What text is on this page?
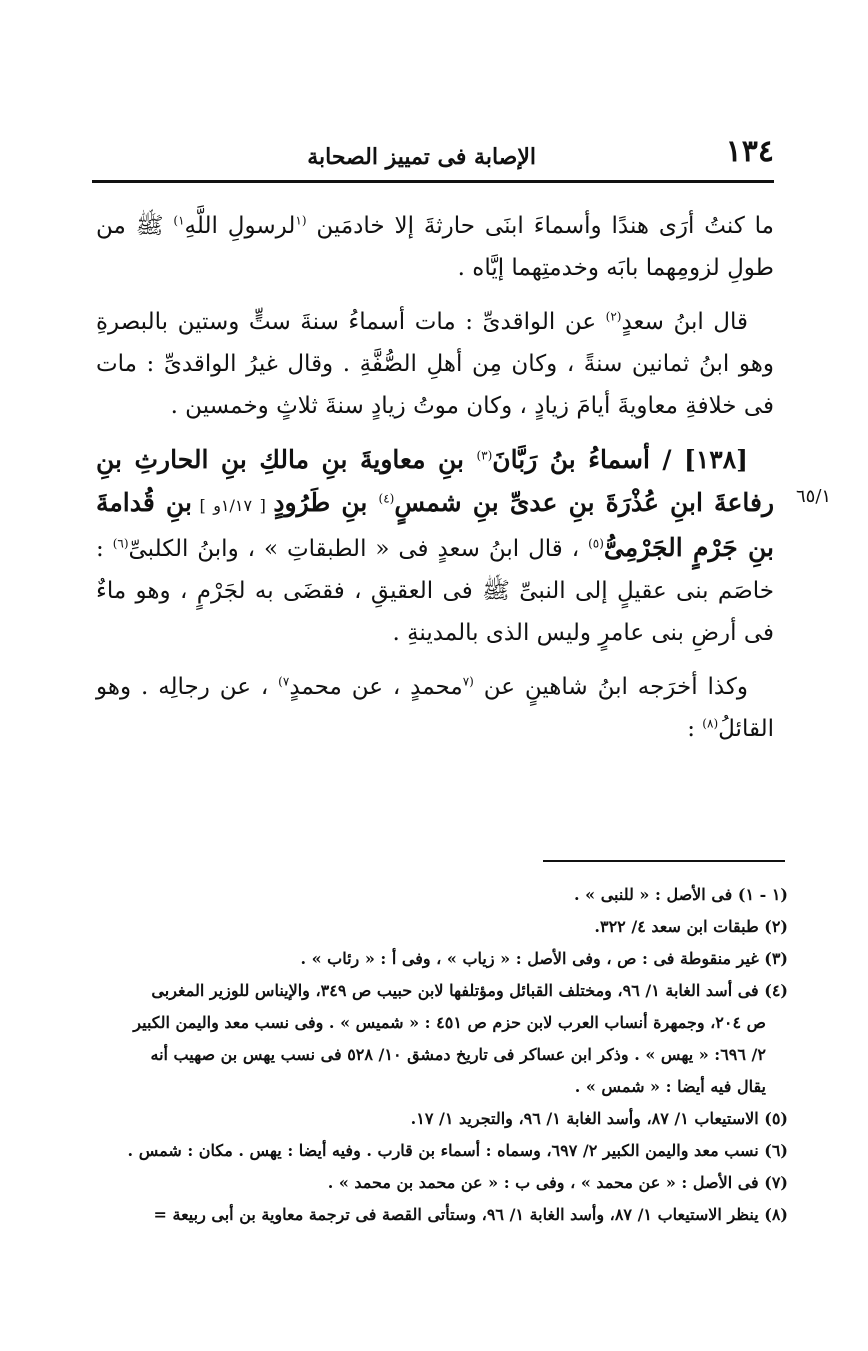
١٣٤
الإصابة فى تمييز الصحابة
٦٥/١

ما كنتُ أرَى هندًا وأسماءَ ابنَى حارثةَ إلا خادمَين $^{(١}$لرسولِ اللَّهِ$^{١)}$ ﷺ من طولِ لزومِهما بابَه وخدمتِهما إيَّاه .

قال ابنُ سعدٍ$^{(٢)}$ عن الواقدىِّ : مات أسماءُ سنةَ ستٍّ وستين بالبصرةِ وهو ابنُ ثمانين سنةً ، وكان مِن أهلِ الصُّفَّةِ . وقال غيرُ الواقدىِّ : مات فى خلافةِ معاويةَ أيامَ زيادٍ ، وكان موتُ زيادٍ سنةَ ثلاثٍ وخمسين .

[١٣٨] / أسماءُ بنُ رَبَّانَ$^{(٣)}$ بنِ معاويةَ بنِ مالكِ بنِ الحارثِ بنِ رفاعةَ ابنِ عُذْرَةَ بنِ عدىِّ بنِ شمسٍ$^{(٤)}$ بنِ طَرُودٍ [ ١/١٧و ] بنِ قُدامةَ بنِ جَرْمٍ الجَرْمِىُّ$^{(٥)}$ ، قال ابنُ سعدٍ فى « الطبقاتِ » ، وابنُ الكلبىِّ$^{(٦)}$ : خاصَم بنى عقيلٍ إلى النبىِّ ﷺ فى العقيقِ ، فقضَى به لجَرْمٍ ، وهو ماءٌ فى أرضِ بنى عامرٍ وليس الذى بالمدينةِ .

وكذا أخرَجه ابنُ شاهينٍ عن $^{(٧}$محمدٍ ، عن محمدٍ$^{٧)}$ ، عن رجالِه . وهو القائلُ$^{(٨)}$ :

(١ - ١) فى الأصل : « للنبى » .
(٢) طبقات ابن سعد ٤/ ٣٢٢.
(٣) غير منقوطة فى : ص ، وفى الأصل : « زياب » ، وفى أ : « رئاب » .
(٤) فى أسد الغابة ١/ ٩٦، ومختلف القبائل ومؤتلفها لابن حبيب ص ٣٤٩، والإيناس للوزير المغربى
ص ٢٠٤، وجمهرة أنساب العرب لابن حزم ص ٤٥١ : « شميس » . وفى نسب معد واليمن الكبير
٢/ ٦٩٦: « يهس » . وذكر ابن عساكر فى تاريخ دمشق ١٠/ ٥٢٨ فى نسب يهس بن صهيب أنه
يقال فيه أيضا : « شمس » .
(٥) الاستيعاب ١/ ٨٧، وأسد الغابة ١/ ٩٦، والتجريد ١/ ١٧.
(٦) نسب معد واليمن الكبير ٢/ ٦٩٧، وسماه : أسماء بن قارب . وفيه أيضا : يهس . مكان : شمس .
(٧) فى الأصل : « عن محمد » ، وفى ب : « عن محمد بن محمد » .
(٨) ينظر الاستيعاب ١/ ٨٧، وأسد الغابة ١/ ٩٦، وستأتى القصة فى ترجمة معاوية بن أبى ربيعة =
